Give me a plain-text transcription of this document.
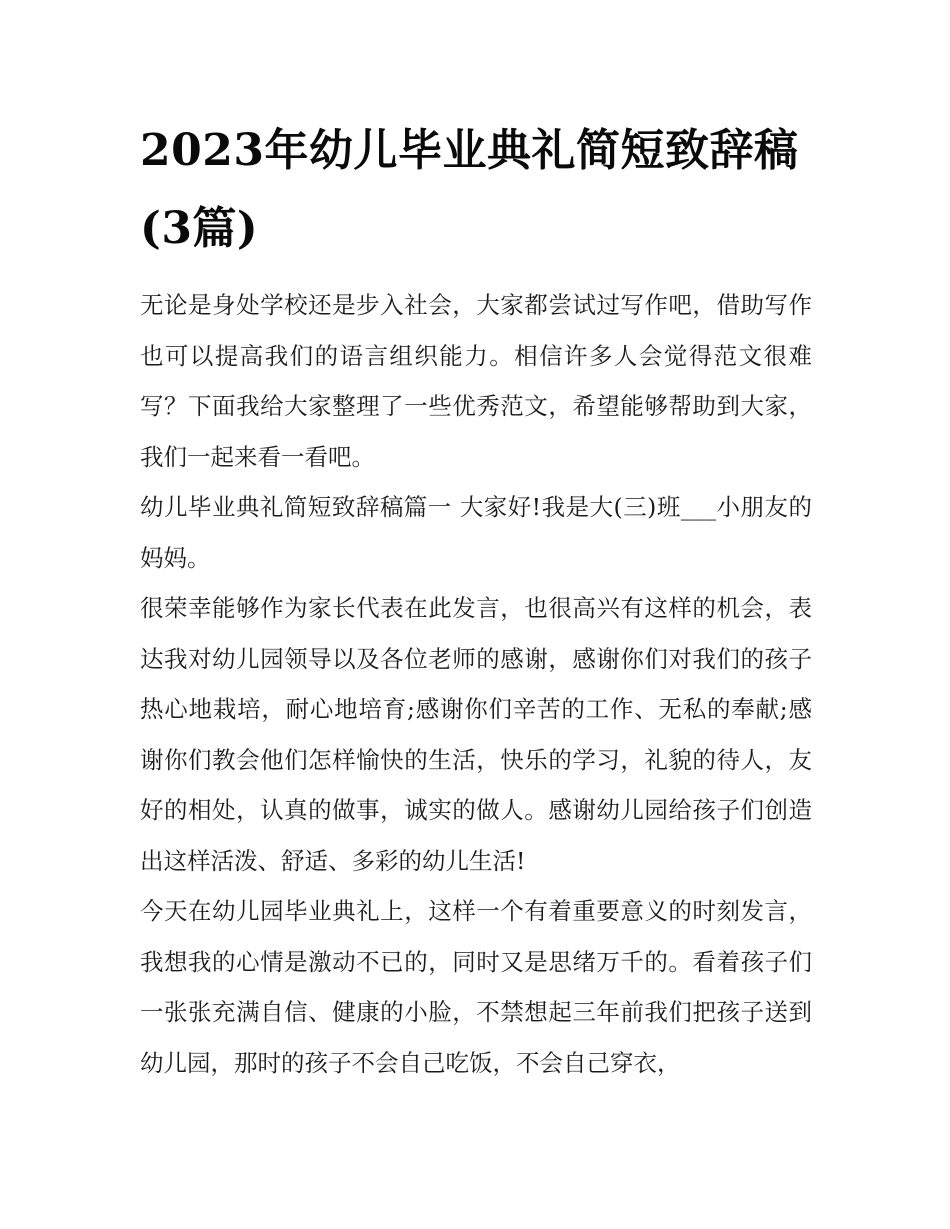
2023年幼儿毕业典礼简短致辞稿(3篇)

无论是身处学校还是步入社会，大家都尝试过写作吧，借助写作也可以提高我们的语言组织能力。相信许多人会觉得范文很难写？下面我给大家整理了一些优秀范文，希望能够帮助到大家，我们一起来看一看吧。

幼儿毕业典礼简短致辞稿篇一 大家好!我是大(三)班___小朋友的妈妈。

很荣幸能够作为家长代表在此发言，也很高兴有这样的机会，表达我对幼儿园领导以及各位老师的感谢，感谢你们对我们的孩子热心地栽培，耐心地培育;感谢你们辛苦的工作、无私的奉献;感谢你们教会他们怎样愉快的生活，快乐的学习，礼貌的待人，友好的相处，认真的做事，诚实的做人。感谢幼儿园给孩子们创造出这样活泼、舒适、多彩的幼儿生活!

今天在幼儿园毕业典礼上，这样一个有着重要意义的时刻发言，我想我的心情是激动不已的，同时又是思绪万千的。看着孩子们一张张充满自信、健康的小脸，不禁想起三年前我们把孩子送到幼儿园，那时的孩子不会自己吃饭，不会自己穿衣，
